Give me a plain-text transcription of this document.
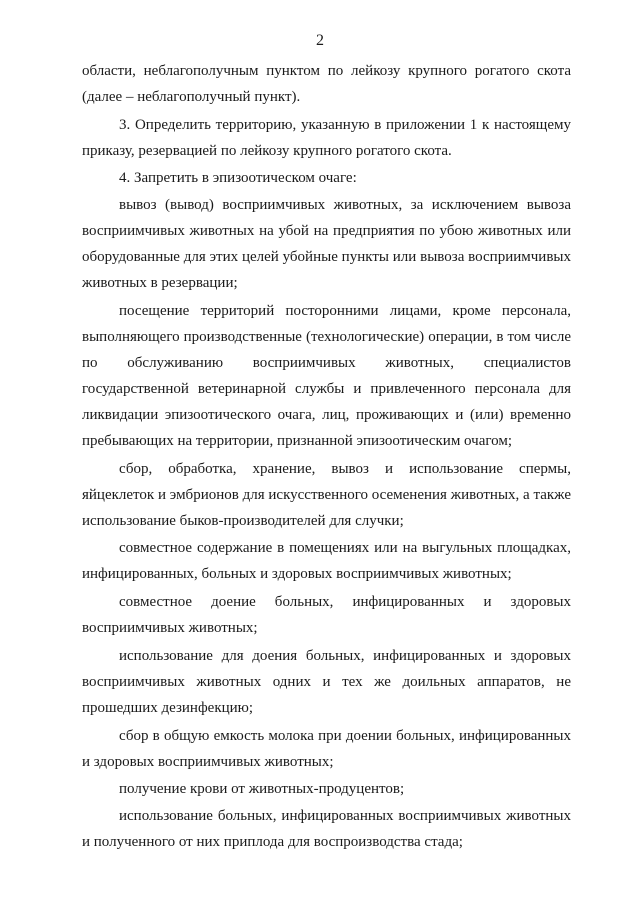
2

области, неблагополучным пунктом по лейкозу крупного рогатого скота (далее – неблагополучный пункт).

3. Определить территорию, указанную в приложении 1 к настоящему приказу, резервацией по лейкозу крупного рогатого скота.

4. Запретить в эпизоотическом очаге:

вывоз (вывод) восприимчивых животных, за исключением вывоза восприимчивых животных на убой на предприятия по убою животных или оборудованные для этих целей убойные пункты или вывоза восприимчивых животных в резервации;

посещение территорий посторонними лицами, кроме персонала, выполняющего производственные (технологические) операции, в том числе по обслуживанию восприимчивых животных, специалистов государственной ветеринарной службы и привлеченного персонала для ликвидации эпизоотического очага, лиц, проживающих и (или) временно пребывающих на территории, признанной эпизоотическим очагом;

сбор, обработка, хранение, вывоз и использование спермы, яйцеклеток и эмбрионов для искусственного осеменения животных, а также использование быков-производителей для случки;

совместное содержание в помещениях или на выгульных площадках, инфицированных, больных и здоровых восприимчивых животных;

совместное доение больных, инфицированных и здоровых восприимчивых животных;

использование для доения больных, инфицированных и здоровых восприимчивых животных одних и тех же доильных аппаратов, не прошедших дезинфекцию;

сбор в общую емкость молока при доении больных, инфицированных и здоровых восприимчивых животных;

получение крови от животных-продуцентов;

использование больных, инфицированных восприимчивых животных и полученного от них приплода для воспроизводства стада;
